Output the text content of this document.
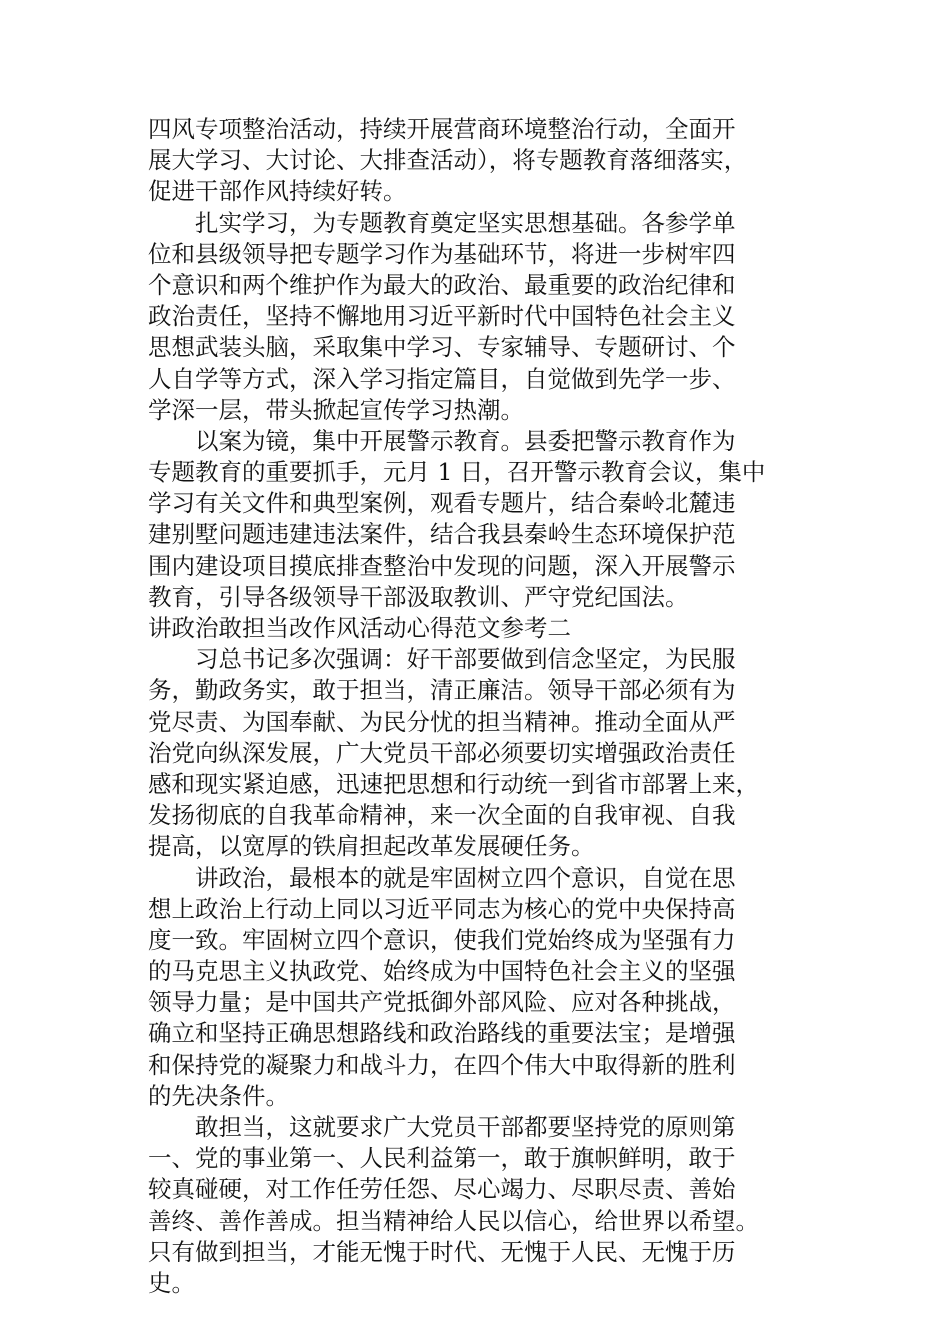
四风专项整治活动，持续开展营商环境整治行动，全面开
展大学习、大讨论、大排查活动），将专题教育落细落实，
促进干部作风持续好转。
扎实学习，为专题教育奠定坚实思想基础。各参学单
位和县级领导把专题学习作为基础环节，将进一步树牢四
个意识和两个维护作为最大的政治、最重要的政治纪律和
政治责任，坚持不懈地用习近平新时代中国特色社会主义
思想武装头脑，采取集中学习、专家辅导、专题研讨、个
人自学等方式，深入学习指定篇目，自觉做到先学一步、
学深一层，带头掀起宣传学习热潮。
以案为镜，集中开展警示教育。县委把警示教育作为
专题教育的重要抓手，元月 1 日，召开警示教育会议，集中
学习有关文件和典型案例，观看专题片，结合秦岭北麓违
建别墅问题违建违法案件，结合我县秦岭生态环境保护范
围内建设项目摸底排查整治中发现的问题，深入开展警示
教育，引导各级领导干部汲取教训、严守党纪国法。
讲政治敢担当改作风活动心得范文参考二
习总书记多次强调：好干部要做到信念坚定，为民服
务，勤政务实，敢于担当，清正廉洁。领导干部必须有为
党尽责、为国奉献、为民分忧的担当精神。推动全面从严
治党向纵深发展，广大党员干部必须要切实增强政治责任
感和现实紧迫感，迅速把思想和行动统一到省市部署上来，
发扬彻底的自我革命精神，来一次全面的自我审视、自我
提高，以宽厚的铁肩担起改革发展硬任务。
讲政治，最根本的就是牢固树立四个意识，自觉在思
想上政治上行动上同以习近平同志为核心的党中央保持高
度一致。牢固树立四个意识，使我们党始终成为坚强有力
的马克思主义执政党、始终成为中国特色社会主义的坚强
领导力量；是中国共产党抵御外部风险、应对各种挑战，
确立和坚持正确思想路线和政治路线的重要法宝；是增强
和保持党的凝聚力和战斗力，在四个伟大中取得新的胜利
的先决条件。
敢担当，这就要求广大党员干部都要坚持党的原则第
一、党的事业第一、人民利益第一，敢于旗帜鲜明，敢于
较真碰硬，对工作任劳任怨、尽心竭力、尽职尽责、善始
善终、善作善成。担当精神给人民以信心，给世界以希望。
只有做到担当，才能无愧于时代、无愧于人民、无愧于历
史。
